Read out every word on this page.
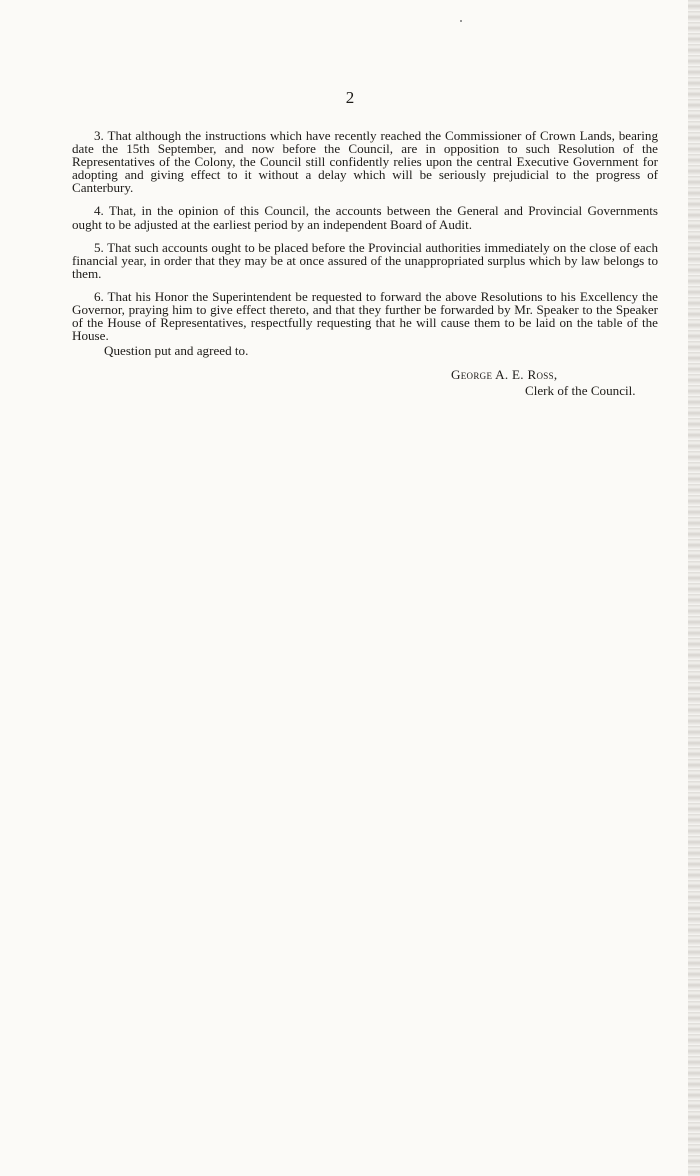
2

3. That although the instructions which have recently reached the Commissioner of Crown Lands, bearing date the 15th September, and now before the Council, are in opposition to such Resolution of the Representatives of the Colony, the Council still confidently relies upon the central Executive Government for adopting and giving effect to it without a delay which will be seriously prejudicial to the progress of Canterbury.

4. That, in the opinion of this Council, the accounts between the General and Provincial Governments ought to be adjusted at the earliest period by an independent Board of Audit.

5. That such accounts ought to be placed before the Provincial authorities immediately on the close of each financial year, in order that they may be at once assured of the unappropriated surplus which by law belongs to them.

6. That his Honor the Superintendent be requested to forward the above Resolutions to his Excellency the Governor, praying him to give effect thereto, and that they further be forwarded by Mr. Speaker to the Speaker of the House of Representatives, respectfully requesting that he will cause them to be laid on the table of the House.

Question put and agreed to.

George A. E. Ross,

Clerk of the Council.
